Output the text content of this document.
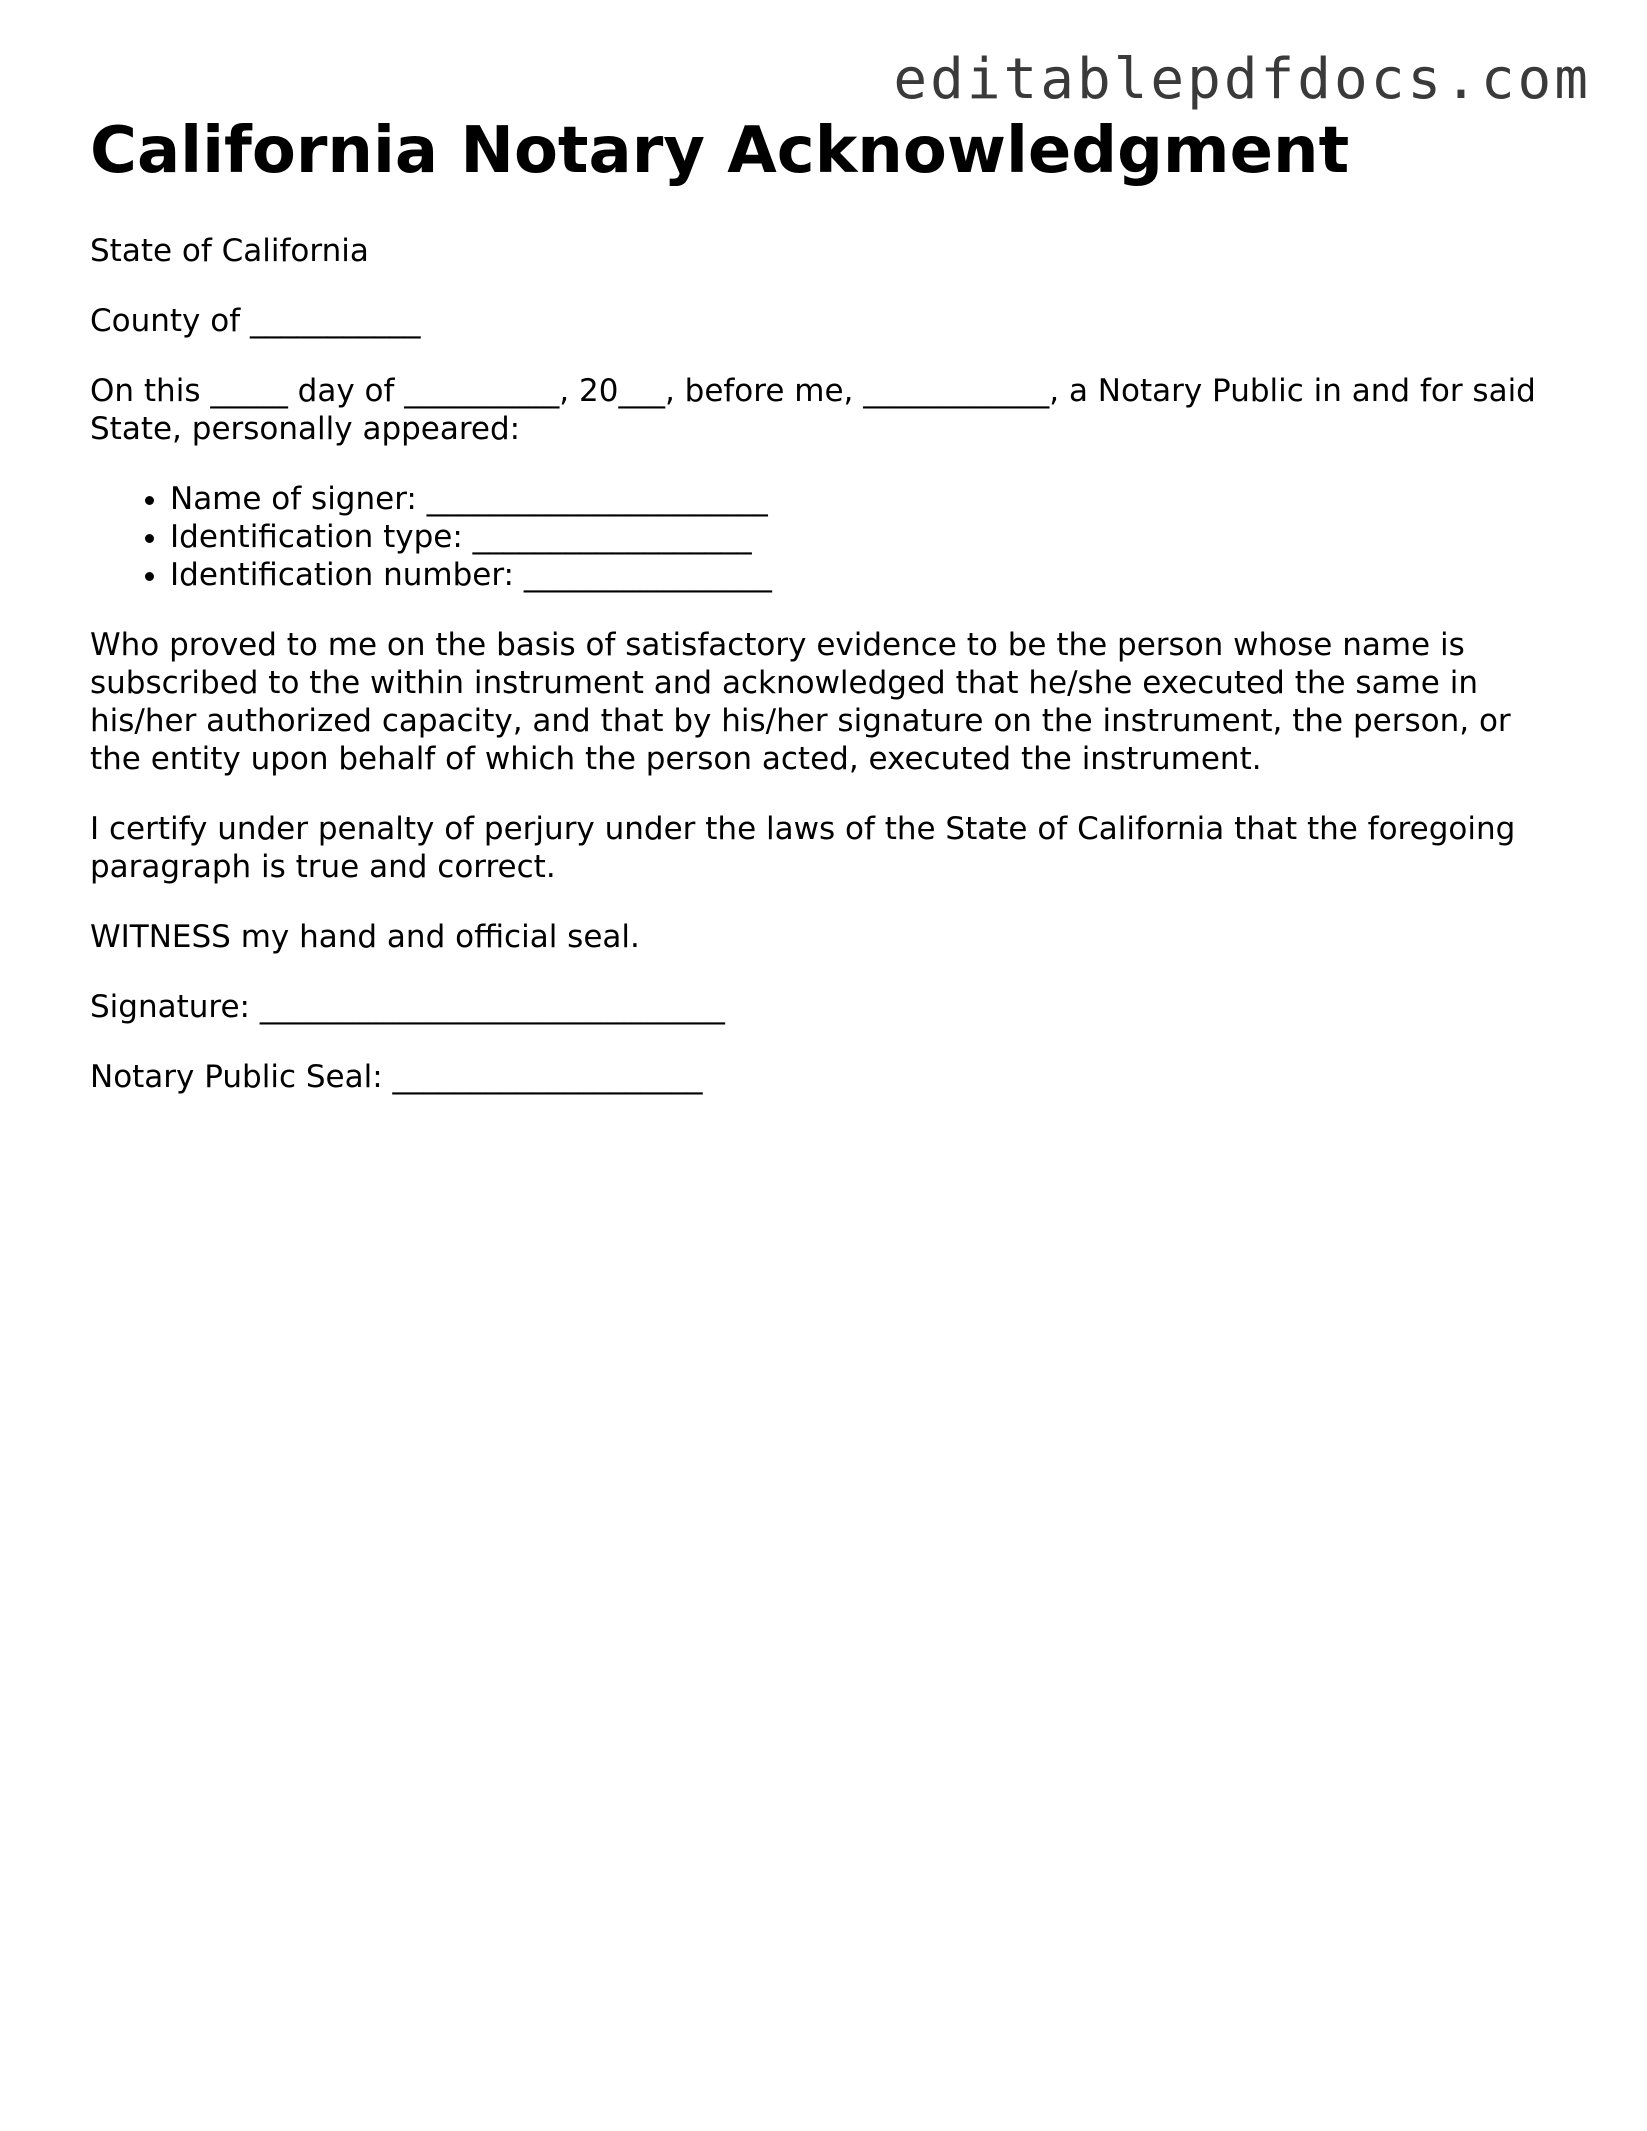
editablepdfdocs.com
California Notary Acknowledgment

State of California

County of ___________

On this _____ day of __________, 20___, before me, ____________, a Notary Public in and for said State, personally appeared:

• Name of signer: ______________________
• Identification type: __________________
• Identification number: ________________

Who proved to me on the basis of satisfactory evidence to be the person whose name is subscribed to the within instrument and acknowledged that he/she executed the same in his/her authorized capacity, and that by his/her signature on the instrument, the person, or the entity upon behalf of which the person acted, executed the instrument.

I certify under penalty of perjury under the laws of the State of California that the foregoing paragraph is true and correct.

WITNESS my hand and official seal.

Signature: ______________________________

Notary Public Seal: ____________________
